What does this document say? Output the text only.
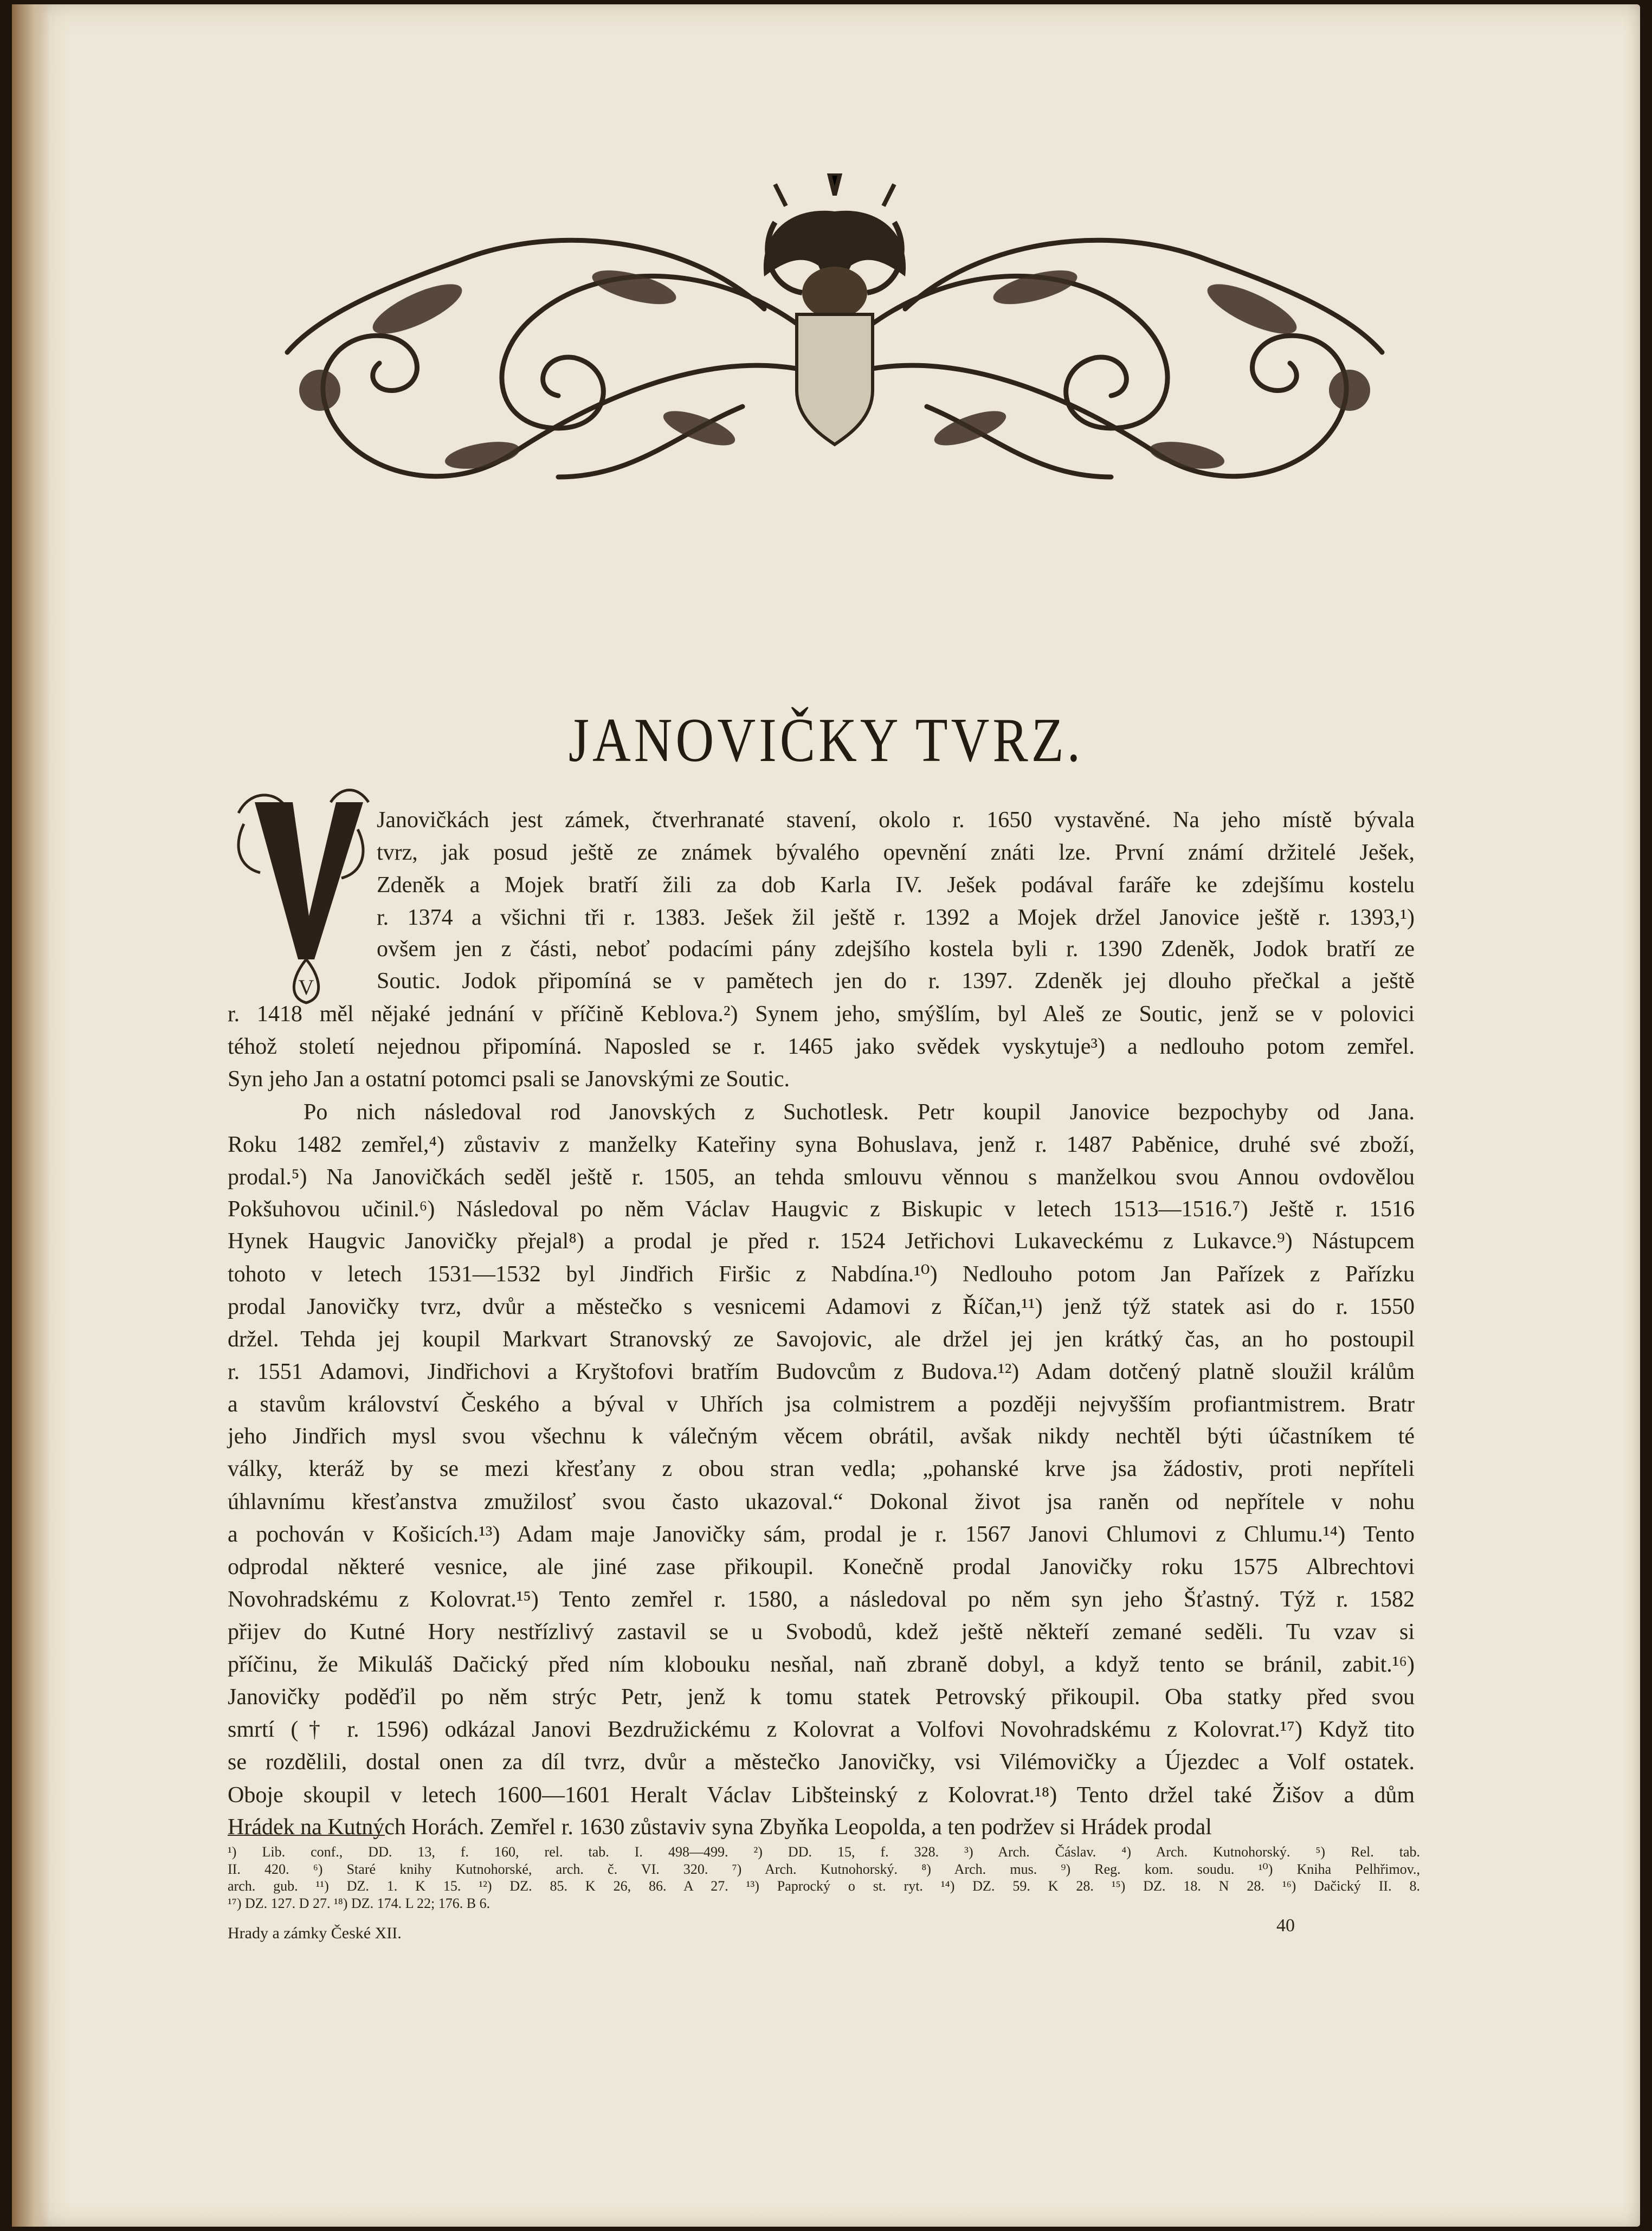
JANOVIČKY TVRZ.
V
Janovičkách jest zámek, čtverhranaté stavení, okolo r. 1650 vystavěné. Na jeho místě bývala
tvrz, jak posud ještě ze známek bývalého opevnění znáti lze. První známí držitelé Ješek,
Zdeněk a Mojek bratří žili za dob Karla IV. Ješek podával faráře ke zdejšímu kostelu
r. 1374 a všichni tři r. 1383. Ješek žil ještě r. 1392 a Mojek držel Janovice ještě r. 1393,¹)
ovšem jen z části, neboť podacími pány zdejšího kostela byli r. 1390 Zdeněk, Jodok bratří ze
Soutic. Jodok připomíná se v pamětech jen do r. 1397. Zdeněk jej dlouho přečkal a ještě
r. 1418 měl nějaké jednání v příčině Keblova.²) Synem jeho, smýšlím, byl Aleš ze Soutic, jenž se v polovici
téhož století nejednou připomíná. Naposled se r. 1465 jako svědek vyskytuje³) a nedlouho potom zemřel.
Syn jeho Jan a ostatní potomci psali se Janovskými ze Soutic.
Po nich následoval rod Janovských z Suchotlesk. Petr koupil Janovice bezpochyby od Jana.
Roku 1482 zemřel,⁴) zůstaviv z manželky Kateřiny syna Bohuslava, jenž r. 1487 Paběnice, druhé své zboží,
prodal.⁵) Na Janovičkách seděl ještě r. 1505, an tehda smlouvu věnnou s manželkou svou Annou ovdovělou
Pokšuhovou učinil.⁶) Následoval po něm Václav Haugvic z Biskupic v letech 1513—1516.⁷) Ještě r. 1516
Hynek Haugvic Janovičky přejal⁸) a prodal je před r. 1524 Jetřichovi Lukaveckému z Lukavce.⁹) Nástupcem
tohoto v letech 1531—1532 byl Jindřich Firšic z Nabdína.¹⁰) Nedlouho potom Jan Pařízek z Pařízku
prodal Janovičky tvrz, dvůr a městečko s vesnicemi Adamovi z Říčan,¹¹) jenž týž statek asi do r. 1550
držel. Tehda jej koupil Markvart Stranovský ze Savojovic, ale držel jej jen krátký čas, an ho postoupil
r. 1551 Adamovi, Jindřichovi a Kryštofovi bratřím Budovcům z Budova.¹²) Adam dotčený platně sloužil králům
a stavům království Českého a býval v Uhřích jsa colmistrem a později nejvyšším profiantmistrem. Bratr
jeho Jindřich mysl svou všechnu k válečným věcem obrátil, avšak nikdy nechtěl býti účastníkem té
války, kteráž by se mezi křesťany z obou stran vedla; „pohanské krve jsa žádostiv, proti nepříteli
úhlavnímu křesťanstva zmužilosť svou často ukazoval.“ Dokonal život jsa raněn od nepřítele v nohu
a pochován v Košicích.¹³) Adam maje Janovičky sám, prodal je r. 1567 Janovi Chlumovi z Chlumu.¹⁴) Tento
odprodal některé vesnice, ale jiné zase přikoupil. Konečně prodal Janovičky roku 1575 Albrechtovi
Novohradskému z Kolovrat.¹⁵) Tento zemřel r. 1580, a následoval po něm syn jeho Šťastný. Týž r. 1582
přijev do Kutné Hory nestřízlivý zastavil se u Svobodů, kdež ještě někteří zemané seděli. Tu vzav si
příčinu, že Mikuláš Dačický před ním klobouku nesňal, naň zbraně dobyl, a když tento se bránil, zabit.¹⁶)
Janovičky poděďil po něm strýc Petr, jenž k tomu statek Petrovský přikoupil. Oba statky před svou
smrtí († r. 1596) odkázal Janovi Bezdružickému z Kolovrat a Volfovi Novohradskému z Kolovrat.¹⁷) Když tito
se rozdělili, dostal onen za díl tvrz, dvůr a městečko Janovičky, vsi Vilémovičky a Újezdec a Volf ostatek.
Oboje skoupil v letech 1600—1601 Heralt Václav Libšteinský z Kolovrat.¹⁸) Tento držel také Žišov a dům
Hrádek na Kutných Horách. Zemřel r. 1630 zůstaviv syna Zbyňka Leopolda, a ten podržev si Hrádek prodal
¹) Lib. conf., DD. 13, f. 160, rel. tab. I. 498—499. ²) DD. 15, f. 328. ³) Arch. Čáslav. ⁴) Arch. Kutnohorský. ⁵) Rel. tab.
II. 420. ⁶) Staré knihy Kutnohorské, arch. č. VI. 320. ⁷) Arch. Kutnohorský. ⁸) Arch. mus. ⁹) Reg. kom. soudu. ¹⁰) Kniha Pelhřimov.,
arch. gub. ¹¹) DZ. 1. K 15. ¹²) DZ. 85. K 26, 86. A 27. ¹³) Paprocký o st. ryt. ¹⁴) DZ. 59. K 28. ¹⁵) DZ. 18. N 28. ¹⁶) Dačický II. 8.
¹⁷) DZ. 127. D 27. ¹⁸) DZ. 174. L 22; 176. B 6.
Hrady a zámky České XII.	40
